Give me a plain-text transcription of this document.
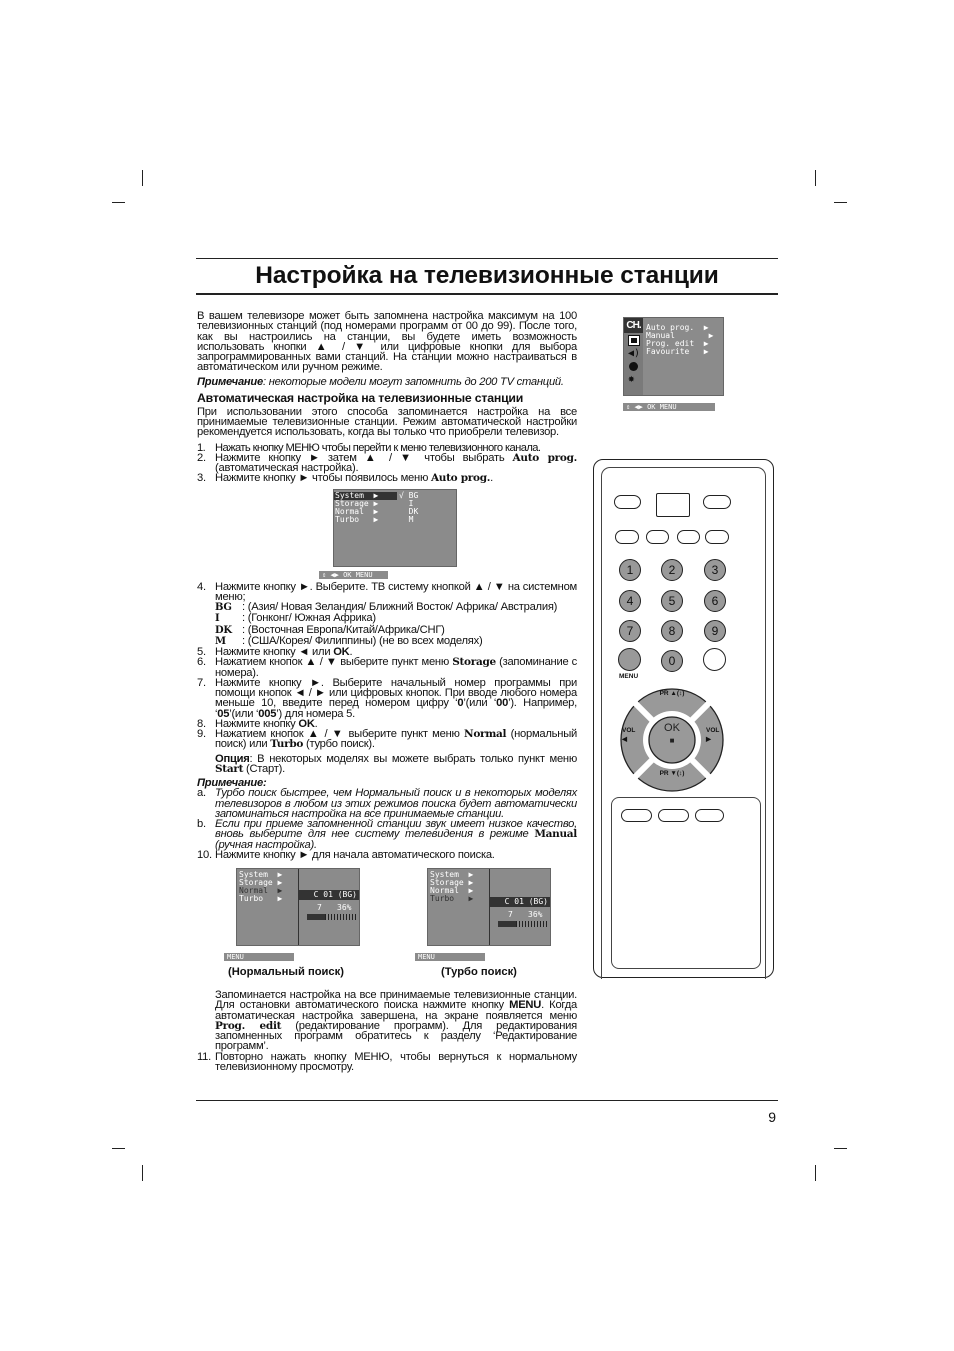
Настройка на телевизионные станции
В вашем телевизоре может быть запомнена настройка максимум на 100 телевизионных станций (под номерами программ от 00 до 99). После того, как вы настроились на станции, вы будете иметь возможность использовать кнопки ▲ / ▼ или цифровые кнопки для выбора запрограммированных вами станций. На станции можно настраиваться в автоматическом или ручном режиме.
Примечание: некоторые модели могут запомнить до 200 TV станций.
Автоматическая настройка на телевизионные станции
При использовании этого способа запоминается настройка на все принимаемые телевизионные станции. Режим автоматической настройки рекомендуется использовать, когда вы только что приобрели телевизор.
1. Нажать кнопку МЕНЮ чтобы перейти к меню телевизионного канала.
2. Нажмите кнопку ► затем ▲ / ▼ чтобы выбрать Auto prog. (автоматическая настройка).
3. Нажмите кнопку ► чтобы появилось меню Auto prog..
System  ▶
Storage ▶
Normal  ▶
Turbo   ▶
√ BG
I
DK
M
⇕ ◀▶ OK MENU
4. Нажмите кнопку ►. Выберите. ТВ систему кнопкой ▲ / ▼ на системном меню;
BG : (Азия/ Новая Зеландия/ Ближний Восток/ Африка/ Австралия)
I : (Гонконг/ Южная Африка)
DK : (Восточная Европа/Китай/Африка/СНГ)
M : (США/Корея/ Филиппины) (не во всех моделях)
5. Нажмите кнопку ◄ или OK.
6. Нажатием кнопок ▲ / ▼ выберите пункт меню Storage (запоминание с номера).
7. Нажмите кнопку ►. Выберите начальный номер программы при помощи кнопок ◄ / ► или цифровых кнопок. При вводе любого номера меньше 10, введите перед номером цифру ‘0’(или ‘00’). Например, ‘05’(или ‘005’) для номера 5.
8. Нажмите кнопку OK.
9. Нажатием кнопок ▲ / ▼ выберите пункт меню Normal (нормальный поиск) или Turbo (турбо поиск).
Опция: В некоторых моделях вы можете выбрать только пункт меню Start (Старт).
Примечание:
a. Турбо поиск быстрее, чем Нормальный поиск и в некоторых моделях телевизоров в любом из этих режимов поиска будет автоматически запоминаться настройка на все принимаемые станции.
b. Если при приеме запомненной станции звук имеет низкое качество, вновь выберите для нее систему телевидения в режиме Manual (ручная настройка).
10. Нажмите кнопку ► для начала автоматического поиска.
System  ▶
Storage ▶
Normal  ▶
Turbo   ▶	C 01 (BG)
7 36%
MENU
(Нормальный поиск)
System  ▶
Storage ▶
Normal  ▶
Turbo   ▶	C 01 (BG)
7 36%
MENU
(Турбо поиск)
Запоминается настройка на все принимаемые телевизионные станции. Для остановки автоматического поиска нажмите кнопку MENU. Когда автоматическая настройка завершена, на экране появляется меню Prog. edit (редактирование программ). Для редактирования запомненных программ обратитесь к разделу ‘Редактирование программ’.
11. Повторно нажать кнопку МЕНЮ, чтобы вернуться к нормальному телевизионному просмотру.
CH.
◀)
✸
Auto prog.  ▶
Manual       ▶
Prog. edit  ▶
Favourite   ▶
⇕ ◀▶ OK MENU
1	2	3
4	5	6
7	8	9
0
MENU
PR ▲(↕)
PR ▼(↕)
VOL ◀
VOL ▶
OK
■
9
